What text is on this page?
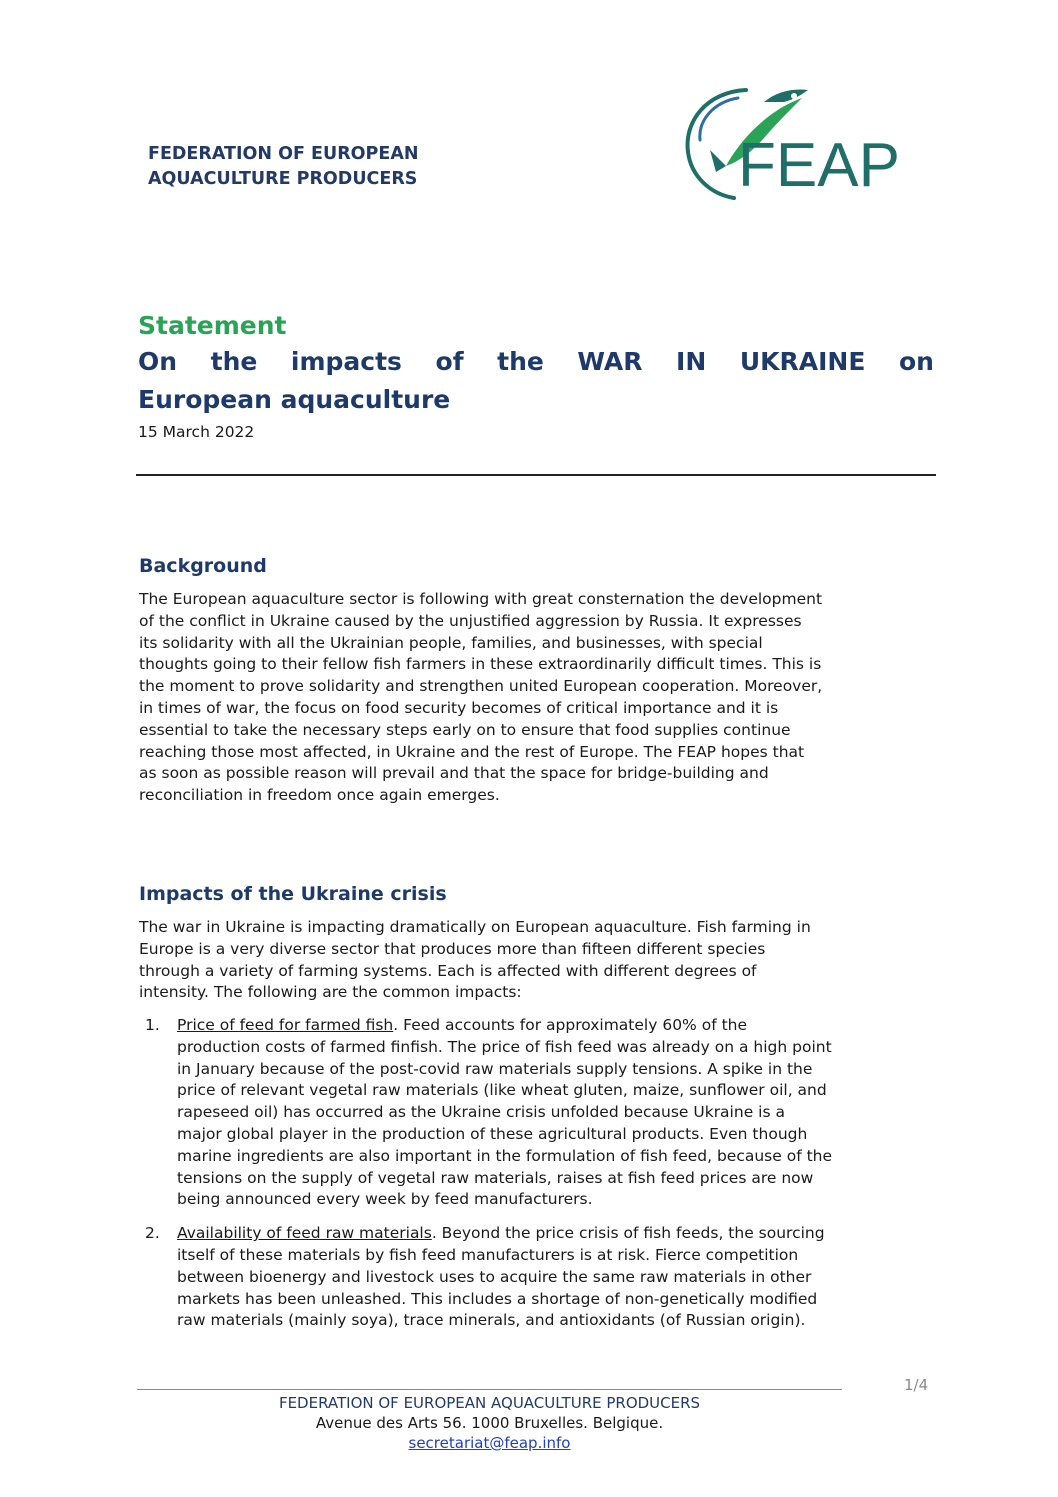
FEDERATION OF EUROPEAN
AQUACULTURE PRODUCERS	FEAP
Statement
On the impacts of the WAR IN UKRAINE on
European aquaculture
15 March 2022
Background
The European aquaculture sector is following with great consternation the development
of the conflict in Ukraine caused by the unjustified aggression by Russia. It expresses
its solidarity with all the Ukrainian people, families, and businesses, with special
thoughts going to their fellow fish farmers in these extraordinarily difficult times. This is
the moment to prove solidarity and strengthen united European cooperation. Moreover,
in times of war, the focus on food security becomes of critical importance and it is
essential to take the necessary steps early on to ensure that food supplies continue
reaching those most affected, in Ukraine and the rest of Europe. The FEAP hopes that
as soon as possible reason will prevail and that the space for bridge-building and
reconciliation in freedom once again emerges.
Impacts of the Ukraine crisis
The war in Ukraine is impacting dramatically on European aquaculture. Fish farming in
Europe is a very diverse sector that produces more than fifteen different species
through a variety of farming systems. Each is affected with different degrees of
intensity. The following are the common impacts:
1. Price of feed for farmed fish. Feed accounts for approximately 60% of the
production costs of farmed finfish. The price of fish feed was already on a high point
in January because of the post-covid raw materials supply tensions. A spike in the
price of relevant vegetal raw materials (like wheat gluten, maize, sunflower oil, and
rapeseed oil) has occurred as the Ukraine crisis unfolded because Ukraine is a
major global player in the production of these agricultural products. Even though
marine ingredients are also important in the formulation of fish feed, because of the
tensions on the supply of vegetal raw materials, raises at fish feed prices are now
being announced every week by feed manufacturers.
2. Availability of feed raw materials. Beyond the price crisis of fish feeds, the sourcing
itself of these materials by fish feed manufacturers is at risk. Fierce competition
between bioenergy and livestock uses to acquire the same raw materials in other
markets has been unleashed. This includes a shortage of non-genetically modified
raw materials (mainly soya), trace minerals, and antioxidants (of Russian origin).
1/4
FEDERATION OF EUROPEAN AQUACULTURE PRODUCERS
Avenue des Arts 56. 1000 Bruxelles. Belgique.
secretariat@feap.info
